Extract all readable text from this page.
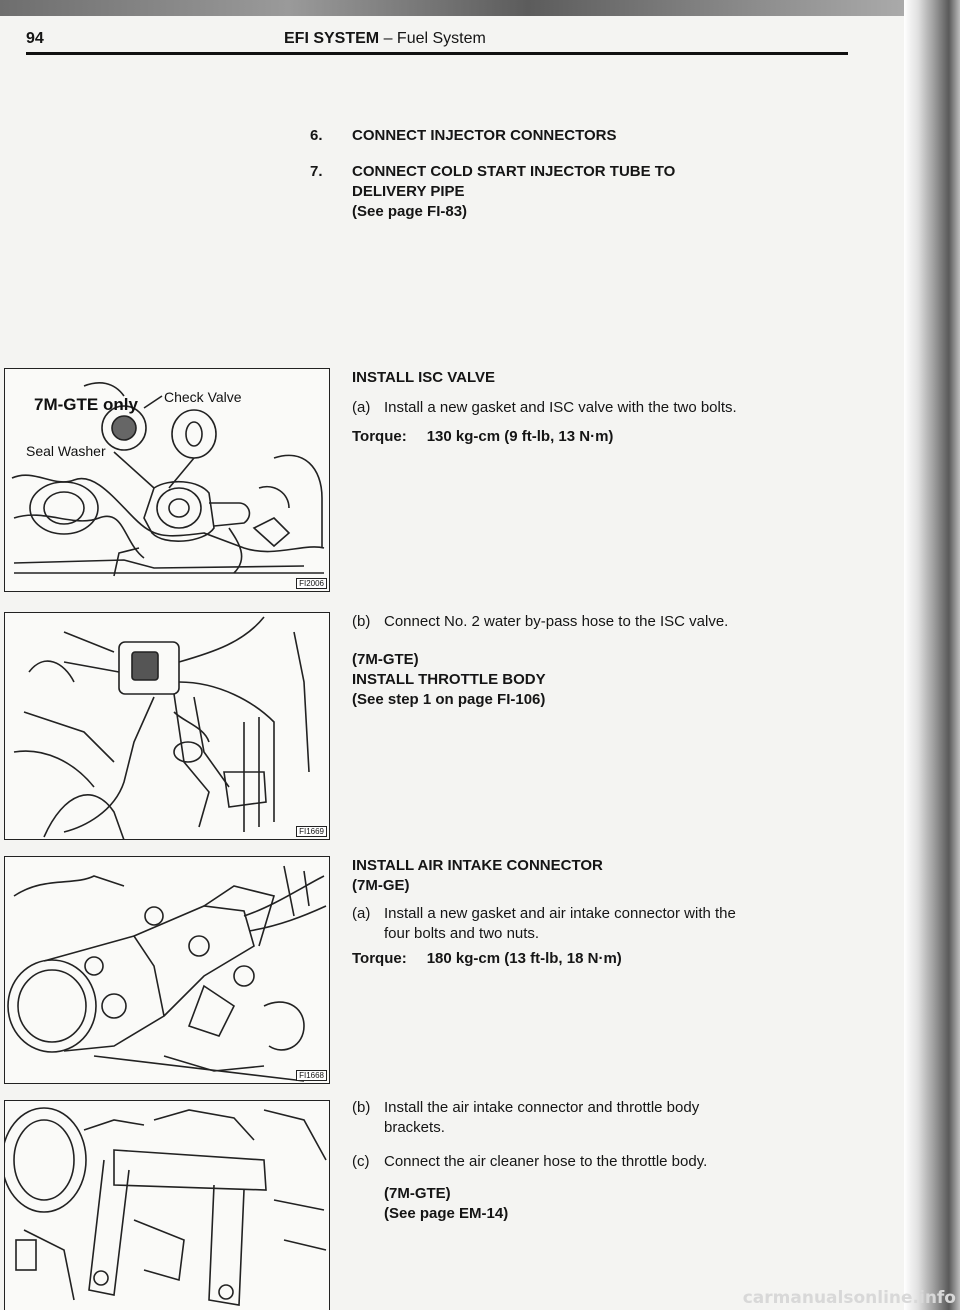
94	EFI SYSTEM – Fuel System
6.	CONNECT INJECTOR CONNECTORS
7.	CONNECT COLD START INJECTOR TUBE TO
DELIVERY PIPE
(See page FI-83)
INSTALL ISC VALVE
(a) Install a new gasket and ISC valve with the two bolts.
Torque: 130 kg-cm (9 ft-lb, 13 N·m)
(b) Connect No. 2 water by-pass hose to the ISC valve.
(7M-GTE)
INSTALL THROTTLE BODY
(See step 1 on page FI-106)
INSTALL AIR INTAKE CONNECTOR
(7M-GE)
(a) Install a new gasket and air intake connector with the
four bolts and two nuts.
Torque: 180 kg-cm (13 ft-lb, 18 N·m)
(b) Install the air intake connector and throttle body
brackets.
(c) Connect the air cleaner hose to the throttle body.
(7M-GTE)
(See page EM-14)
7M-GTE only Check Valve
Seal Washer
FI2006
FI1669
FI1668
carmanualsonline.info
